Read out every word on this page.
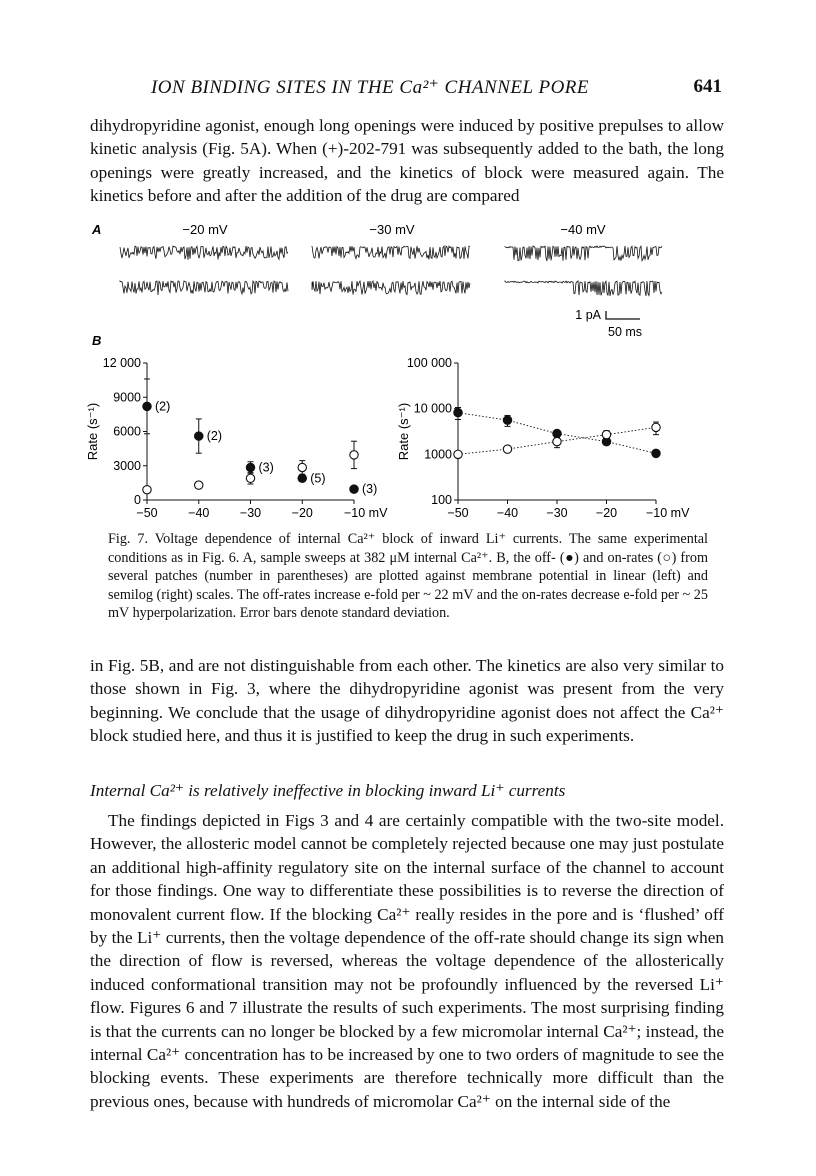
ION BINDING SITES IN THE Ca²⁺ CHANNEL PORE	641

dihydropyridine agonist, enough long openings were induced by positive prepulses to allow kinetic analysis (Fig. 5A). When (+)-202-791 was subsequently added to the bath, the long openings were greatly increased, and the kinetics of block were measured again. The kinetics before and after the addition of the drug are compared

A	−20 mV	−30 mV	−40 mV
1 pA
50 ms
B
−50 −40 −30 −20 −10 mV
0
3000
6000
9000
12 000
Rate (s⁻¹)	(2)
(2)
(3)
(5)
(3)
−50 −40 −30 −20 −10 mV
100
1000
10 000
100 000
Rate (s⁻¹)
Fig. 7. Voltage dependence of internal Ca²⁺ block of inward Li⁺ currents. The same experimental conditions as in Fig. 6. A, sample sweeps at 382 μM internal Ca²⁺. B, the off- (●) and on-rates (○) from several patches (number in parentheses) are plotted against membrane potential in linear (left) and semilog (right) scales. The off-rates increase e-fold per ~ 22 mV and the on-rates decrease e-fold per ~ 25 mV hyperpolarization. Error bars denote standard deviation.

in Fig. 5B, and are not distinguishable from each other. The kinetics are also very similar to those shown in Fig. 3, where the dihydropyridine agonist was present from the very beginning. We conclude that the usage of dihydropyridine agonist does not affect the Ca²⁺ block studied here, and thus it is justified to keep the drug in such experiments.

Internal Ca²⁺ is relatively ineffective in blocking inward Li⁺ currents

The findings depicted in Figs 3 and 4 are certainly compatible with the two-site model. However, the allosteric model cannot be completely rejected because one may just postulate an additional high-affinity regulatory site on the internal surface of the channel to account for those findings. One way to differentiate these possibilities is to reverse the direction of monovalent current flow. If the blocking Ca²⁺ really resides in the pore and is ‘flushed’ off by the Li⁺ currents, then the voltage dependence of the off-rate should change its sign when the direction of flow is reversed, whereas the voltage dependence of the allosterically induced conformational transition may not be profoundly influenced by the reversed Li⁺ flow. Figures 6 and 7 illustrate the results of such experiments. The most surprising finding is that the currents can no longer be blocked by a few micromolar internal Ca²⁺; instead, the internal Ca²⁺ concentration has to be increased by one to two orders of magnitude to see the blocking events. These experiments are therefore technically more difficult than the previous ones, because with hundreds of micromolar Ca²⁺ on the internal side of the
